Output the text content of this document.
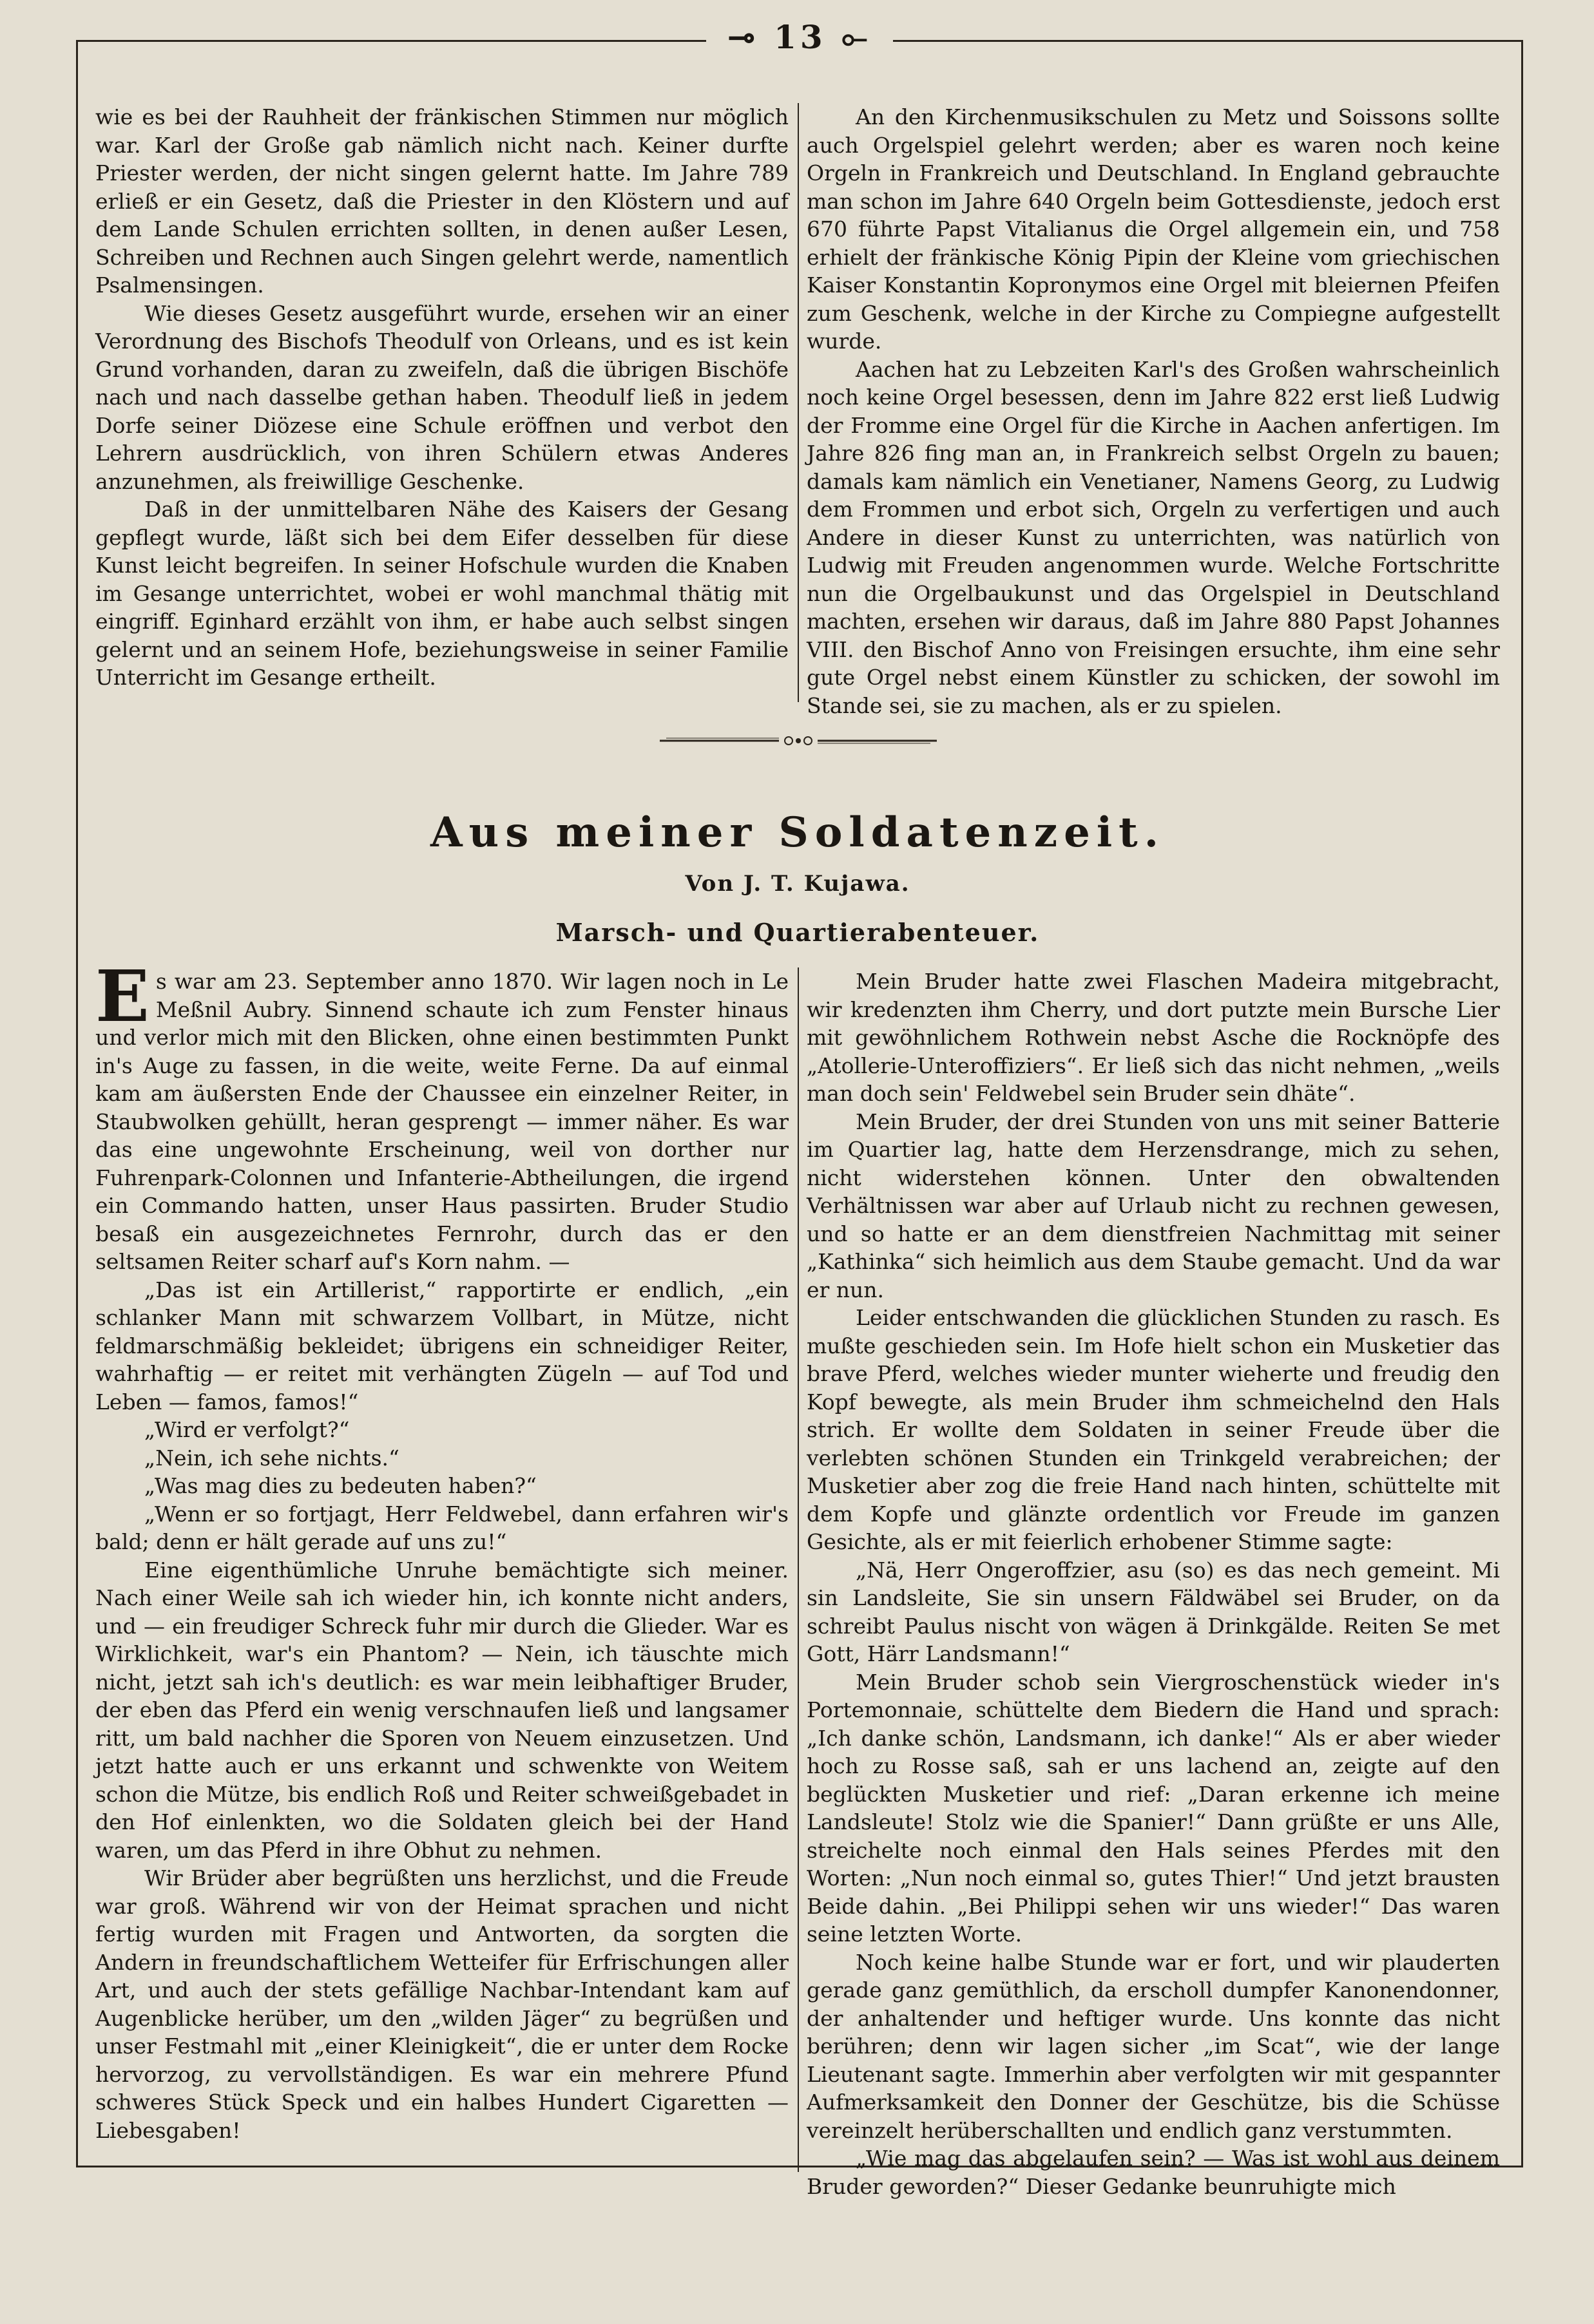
⊸ 13 ⟜

wie es bei der Rauhheit der fränkischen Stimmen nur möglich war. Karl der Große gab nämlich nicht nach. Keiner durfte Priester werden, der nicht singen gelernt hatte. Im Jahre 789 erließ er ein Gesetz, daß die Priester in den Klöstern und auf dem Lande Schulen errichten sollten, in denen außer Lesen, Schreiben und Rechnen auch Singen gelehrt werde, namentlich Psalmensingen.

Wie dieses Gesetz ausgeführt wurde, ersehen wir an einer Verordnung des Bischofs Theodulf von Orleans, und es ist kein Grund vorhanden, daran zu zweifeln, daß die übrigen Bischöfe nach und nach dasselbe gethan haben. Theodulf ließ in jedem Dorfe seiner Diözese eine Schule eröffnen und verbot den Lehrern ausdrücklich, von ihren Schülern etwas Anderes anzunehmen, als freiwillige Geschenke.

Daß in der unmittelbaren Nähe des Kaisers der Gesang gepflegt wurde, läßt sich bei dem Eifer desselben für diese Kunst leicht begreifen. In seiner Hofschule wurden die Knaben im Gesange unterrichtet, wobei er wohl manchmal thätig mit eingriff. Eginhard erzählt von ihm, er habe auch selbst singen gelernt und an seinem Hofe, beziehungsweise in seiner Familie Unterricht im Gesange ertheilt.

An den Kirchenmusikschulen zu Metz und Soissons sollte auch Orgelspiel gelehrt werden; aber es waren noch keine Orgeln in Frankreich und Deutschland. In England gebrauchte man schon im Jahre 640 Orgeln beim Gottesdienste, jedoch erst 670 führte Papst Vitalianus die Orgel allgemein ein, und 758 erhielt der fränkische König Pipin der Kleine vom griechischen Kaiser Konstantin Kopronymos eine Orgel mit bleiernen Pfeifen zum Geschenk, welche in der Kirche zu Compiegne aufgestellt wurde.

Aachen hat zu Lebzeiten Karl's des Großen wahrscheinlich noch keine Orgel besessen, denn im Jahre 822 erst ließ Ludwig der Fromme eine Orgel für die Kirche in Aachen anfertigen. Im Jahre 826 fing man an, in Frankreich selbst Orgeln zu bauen; damals kam nämlich ein Venetianer, Namens Georg, zu Ludwig dem Frommen und erbot sich, Orgeln zu verfertigen und auch Andere in dieser Kunst zu unterrichten, was natürlich von Ludwig mit Freuden angenommen wurde. Welche Fortschritte nun die Orgelbaukunst und das Orgelspiel in Deutschland machten, ersehen wir daraus, daß im Jahre 880 Papst Johannes VIII. den Bischof Anno von Freisingen ersuchte, ihm eine sehr gute Orgel nebst einem Künstler zu schicken, der sowohl im Stande sei, sie zu machen, als er zu spielen.

Aus meiner Soldatenzeit.
Von J. T. Kujawa.
Marsch- und Quartierabenteuer.

Es war am 23. September anno 1870. Wir lagen noch in Le Meßnil Aubry. Sinnend schaute ich zum Fenster hinaus und verlor mich mit den Blicken, ohne einen bestimmten Punkt in's Auge zu fassen, in die weite, weite Ferne. Da auf einmal kam am äußersten Ende der Chaussee ein einzelner Reiter, in Staubwolken gehüllt, heran gesprengt — immer näher. Es war das eine ungewohnte Erscheinung, weil von dorther nur Fuhrenpark-Colonnen und Infanterie-Abtheilungen, die irgend ein Commando hatten, unser Haus passirten. Bruder Studio besaß ein ausgezeichnetes Fernrohr, durch das er den seltsamen Reiter scharf auf's Korn nahm. —

„Das ist ein Artillerist,“ rapportirte er endlich, „ein schlanker Mann mit schwarzem Vollbart, in Mütze, nicht feldmarschmäßig bekleidet; übrigens ein schneidiger Reiter, wahrhaftig — er reitet mit verhängten Zügeln — auf Tod und Leben — famos, famos!“

„Wird er verfolgt?“

„Nein, ich sehe nichts.“

„Was mag dies zu bedeuten haben?“

„Wenn er so fortjagt, Herr Feldwebel, dann erfahren wir's bald; denn er hält gerade auf uns zu!“

Eine eigenthümliche Unruhe bemächtigte sich meiner. Nach einer Weile sah ich wieder hin, ich konnte nicht anders, und — ein freudiger Schreck fuhr mir durch die Glieder. War es Wirklichkeit, war's ein Phantom? — Nein, ich täuschte mich nicht, jetzt sah ich's deutlich: es war mein leibhaftiger Bruder, der eben das Pferd ein wenig verschnaufen ließ und langsamer ritt, um bald nachher die Sporen von Neuem einzusetzen. Und jetzt hatte auch er uns erkannt und schwenkte von Weitem schon die Mütze, bis endlich Roß und Reiter schweißgebadet in den Hof einlenkten, wo die Soldaten gleich bei der Hand waren, um das Pferd in ihre Obhut zu nehmen.

Wir Brüder aber begrüßten uns herzlichst, und die Freude war groß. Während wir von der Heimat sprachen und nicht fertig wurden mit Fragen und Antworten, da sorgten die Andern in freundschaftlichem Wetteifer für Erfrischungen aller Art, und auch der stets gefällige Nachbar-Intendant kam auf Augenblicke herüber, um den „wilden Jäger“ zu begrüßen und unser Festmahl mit „einer Kleinigkeit“, die er unter dem Rocke hervorzog, zu vervollständigen. Es war ein mehrere Pfund schweres Stück Speck und ein halbes Hundert Cigaretten — Liebesgaben!

Mein Bruder hatte zwei Flaschen Madeira mitgebracht, wir kredenzten ihm Cherry, und dort putzte mein Bursche Lier mit gewöhnlichem Rothwein nebst Asche die Rocknöpfe des „Atollerie-Unteroffiziers“. Er ließ sich das nicht nehmen, „weils man doch sein' Feldwebel sein Bruder sein dhäte“.

Mein Bruder, der drei Stunden von uns mit seiner Batterie im Quartier lag, hatte dem Herzensdrange, mich zu sehen, nicht widerstehen können. Unter den obwaltenden Verhältnissen war aber auf Urlaub nicht zu rechnen gewesen, und so hatte er an dem dienstfreien Nachmittag mit seiner „Kathinka“ sich heimlich aus dem Staube gemacht. Und da war er nun.

Leider entschwanden die glücklichen Stunden zu rasch. Es mußte geschieden sein. Im Hofe hielt schon ein Musketier das brave Pferd, welches wieder munter wieherte und freudig den Kopf bewegte, als mein Bruder ihm schmeichelnd den Hals strich. Er wollte dem Soldaten in seiner Freude über die verlebten schönen Stunden ein Trinkgeld verabreichen; der Musketier aber zog die freie Hand nach hinten, schüttelte mit dem Kopfe und glänzte ordentlich vor Freude im ganzen Gesichte, als er mit feierlich erhobener Stimme sagte:

„Nä, Herr Ongeroffzier, asu (so) es das nech gemeint. Mi sin Landsleite, Sie sin unsern Fäldwäbel sei Bruder, on da schreibt Paulus nischt von wägen ä Drinkgälde. Reiten Se met Gott, Härr Landsmann!“

Mein Bruder schob sein Viergroschenstück wieder in's Portemonnaie, schüttelte dem Biedern die Hand und sprach: „Ich danke schön, Landsmann, ich danke!“ Als er aber wieder hoch zu Rosse saß, sah er uns lachend an, zeigte auf den beglückten Musketier und rief: „Daran erkenne ich meine Landsleute! Stolz wie die Spanier!“ Dann grüßte er uns Alle, streichelte noch einmal den Hals seines Pferdes mit den Worten: „Nun noch einmal so, gutes Thier!“ Und jetzt brausten Beide dahin. „Bei Philippi sehen wir uns wieder!“ Das waren seine letzten Worte.

Noch keine halbe Stunde war er fort, und wir plauderten gerade ganz gemüthlich, da erscholl dumpfer Kanonendonner, der anhaltender und heftiger wurde. Uns konnte das nicht berühren; denn wir lagen sicher „im Scat“, wie der lange Lieutenant sagte. Immerhin aber verfolgten wir mit gespannter Aufmerksamkeit den Donner der Geschütze, bis die Schüsse vereinzelt herüberschallten und endlich ganz verstummten.

„Wie mag das abgelaufen sein? — Was ist wohl aus deinem Bruder geworden?“ Dieser Gedanke beunruhigte mich
